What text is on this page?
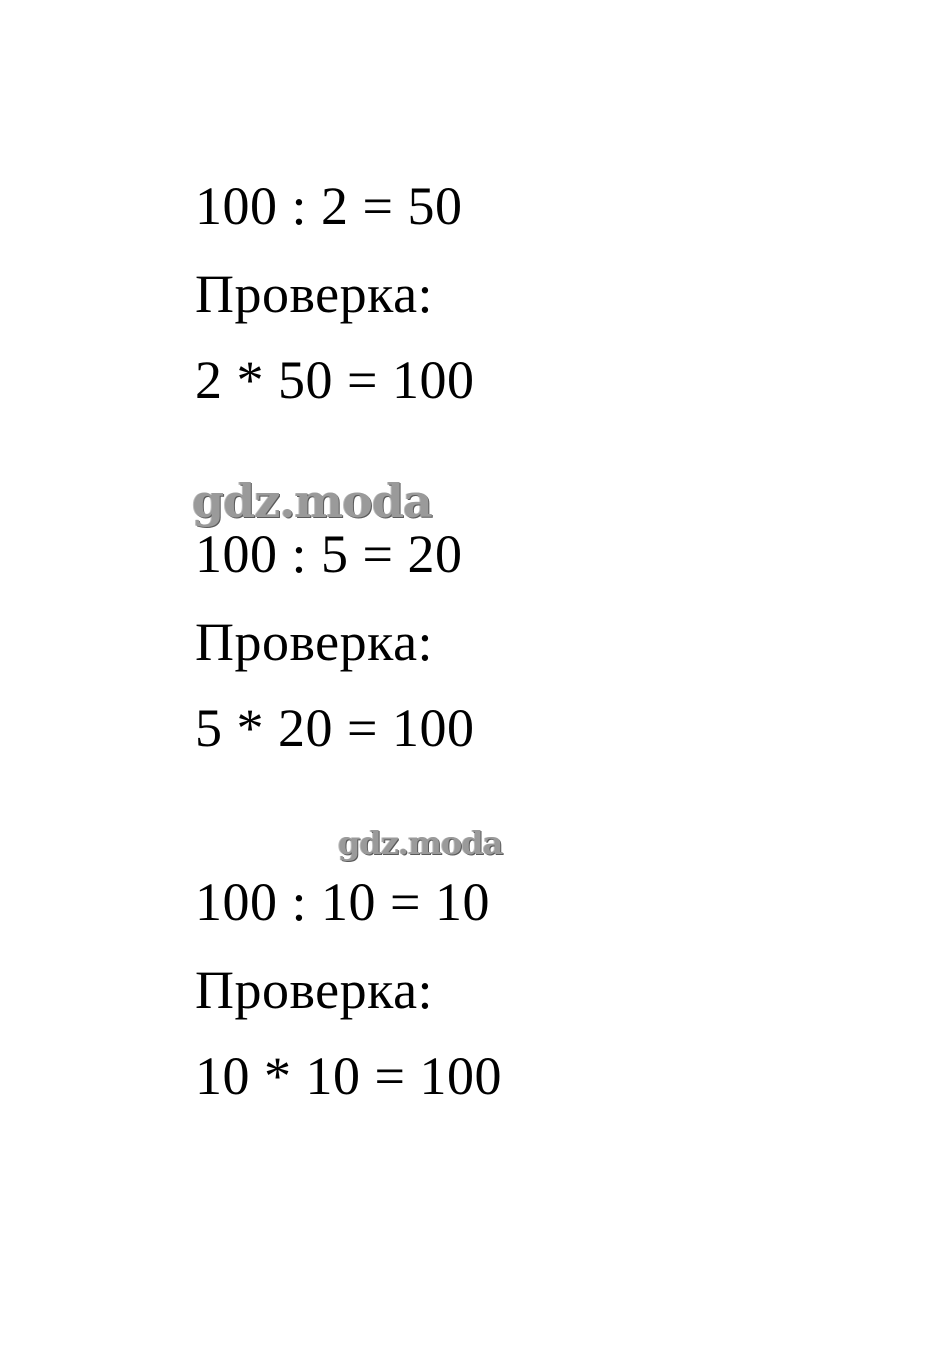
100 : 2 = 50
Проверка:
2 * 50 = 100
gdz.moda
100 : 5 = 20
Проверка:
5 * 20 = 100
gdz.moda
100 : 10 = 10
Проверка:
10 * 10 = 100
